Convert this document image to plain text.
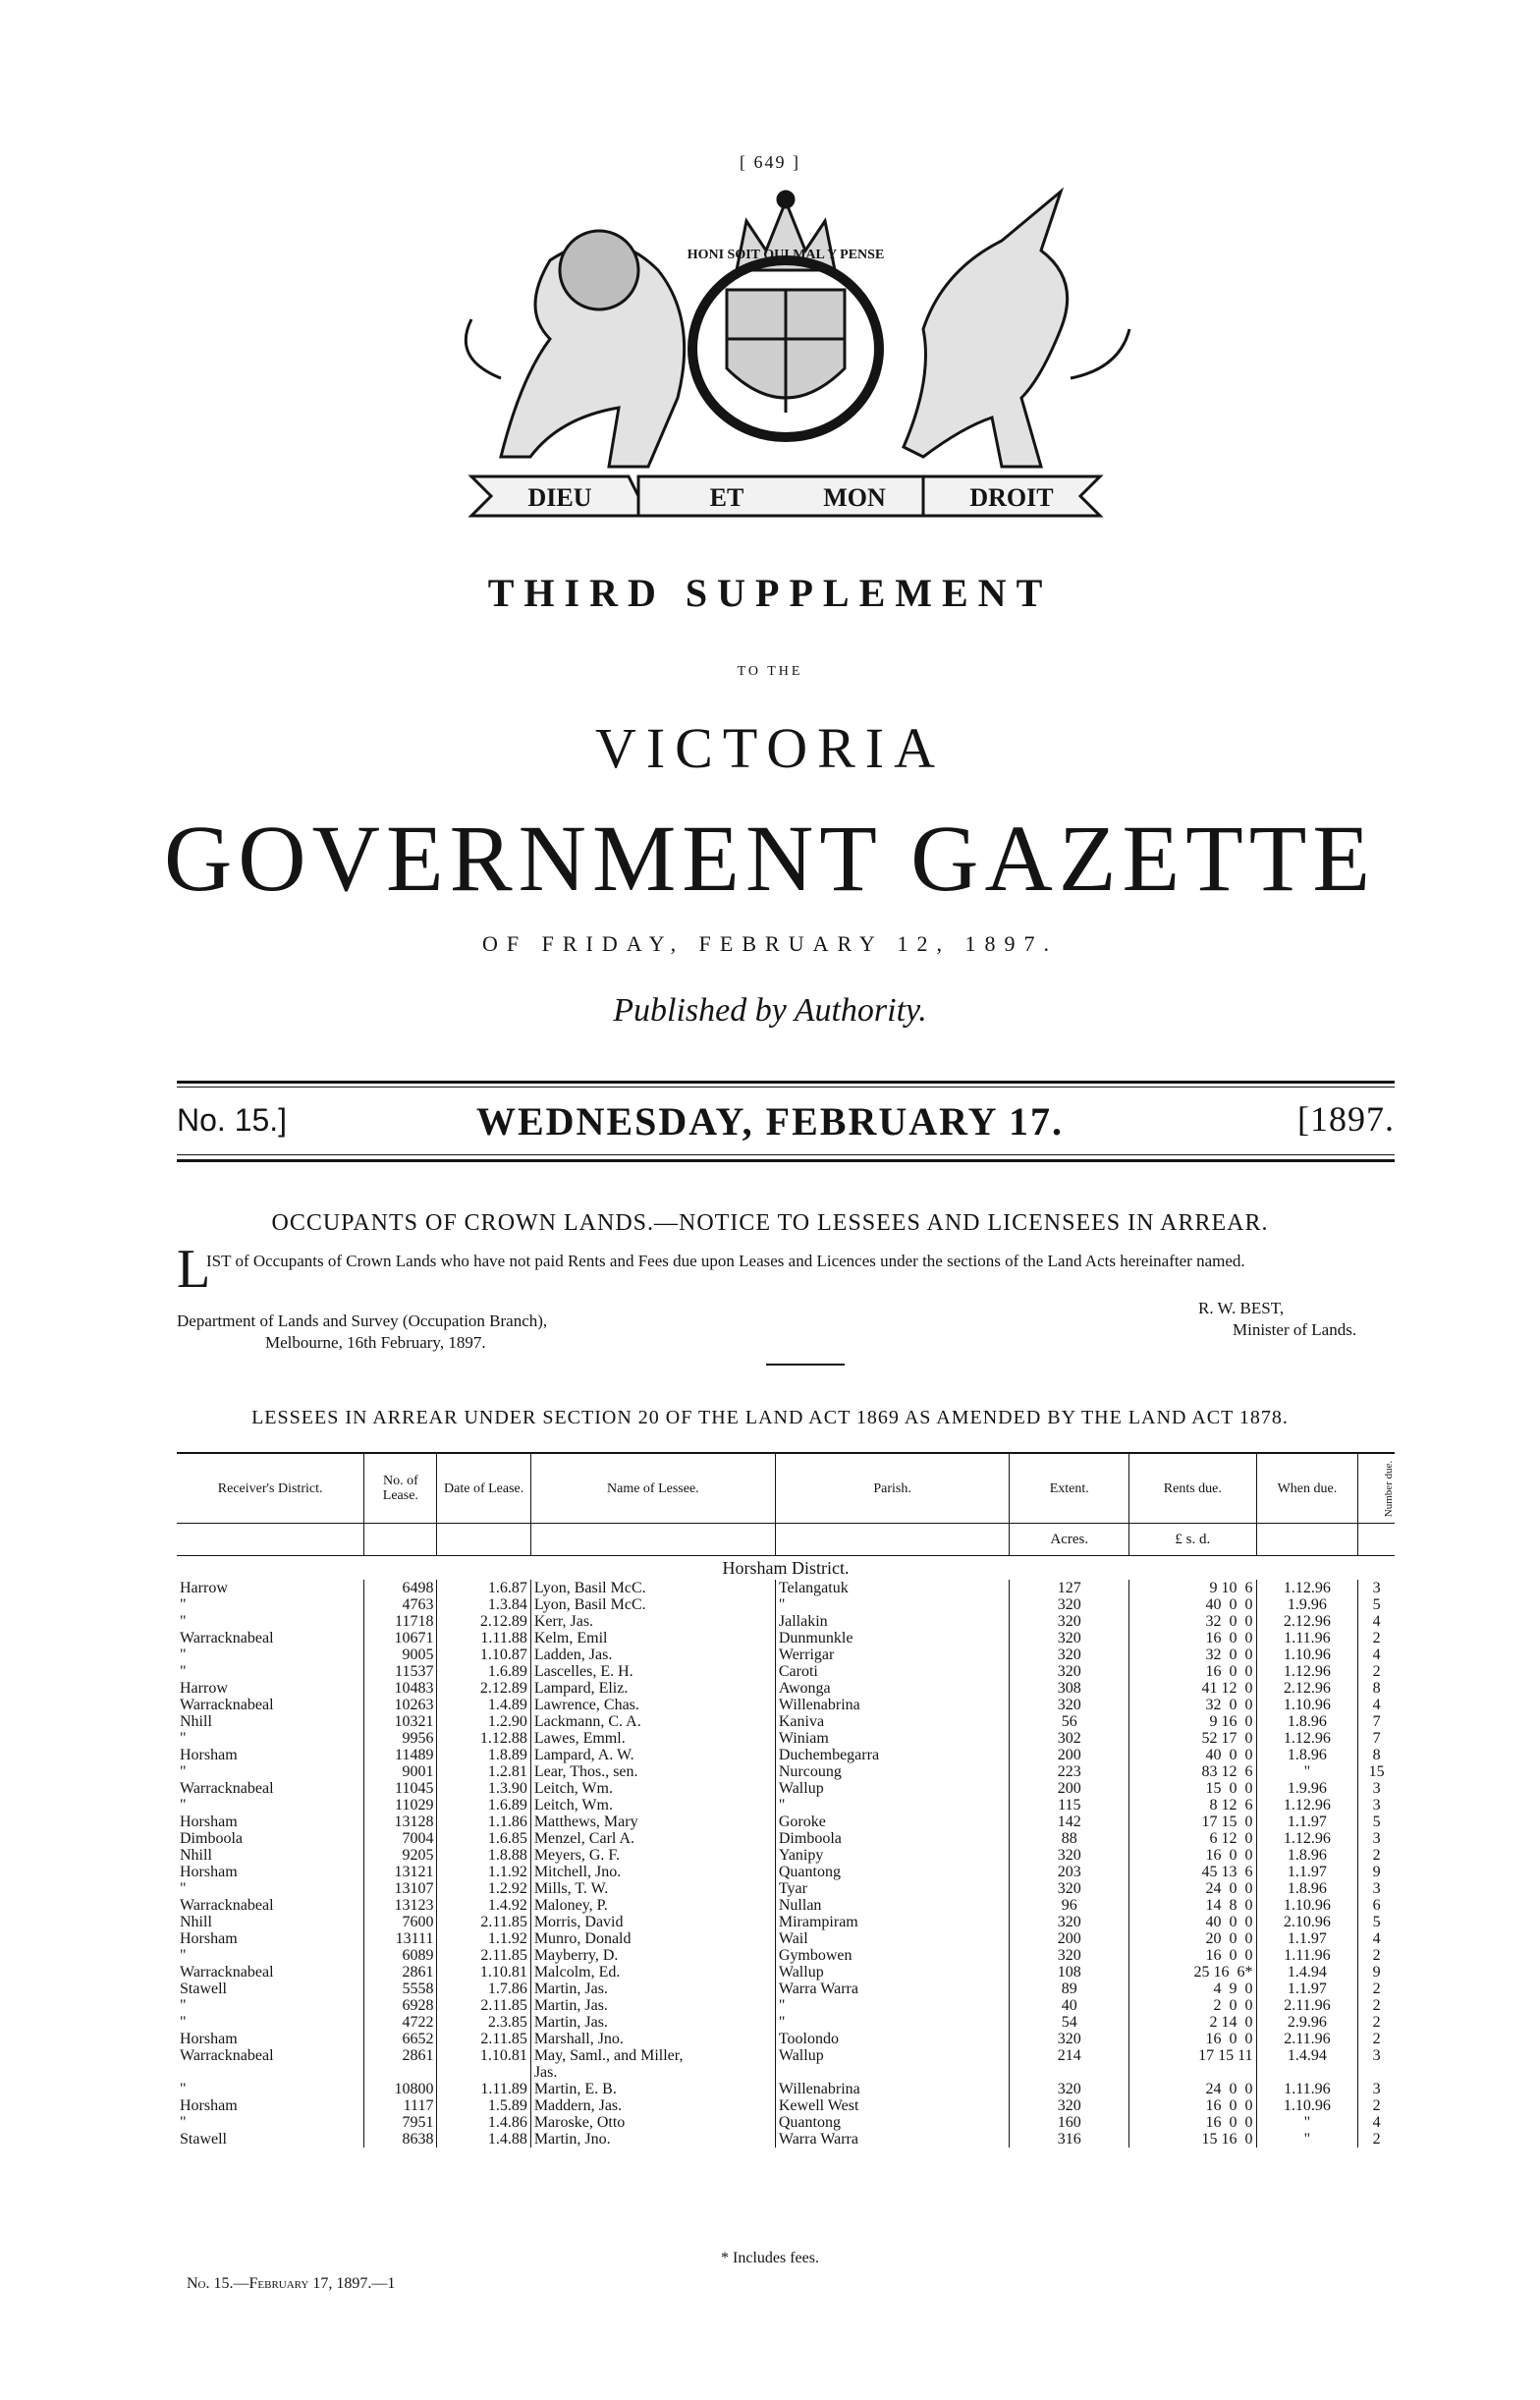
[ 649 ]
DIEU	ET	MON	DROIT
HONI SOIT QUI MAL Y PENSE
THIRD SUPPLEMENT
TO THE
VICTORIA
GOVERNMENT GAZETTE
OF FRIDAY, FEBRUARY 12, 1897.
Published by Authority.
No. 15.]	WEDNESDAY, FEBRUARY 17.	[1897.
OCCUPANTS OF CROWN LANDS.—NOTICE TO LESSEES AND LICENSEES IN ARREAR.
L
IST of Occupants of Crown Lands who have not paid Rents and Fees due upon Leases and Licences under the sections of the Land Acts hereinafter named.
Department of Lands and Survey (Occupation Branch),
Melbourne, 16th February, 1897.
R. W. BEST,
Minister of Lands.
LESSEES IN ARREAR UNDER SECTION 20 OF THE LAND ACT 1869 AS AMENDED BY THE LAND ACT 1878.
Receiver's District.	No. of Lease.	Date of Lease.	Name of Lessee.	Parish.	Extent.	Rents due.	When due.	Number due.
					Acres.	£ s. d.		
Horsham District.								
Harrow	6498	1.6.87	Lyon, Basil McC.	Telangatuk	127	9 10  6	1.12.96	3
"	4763	1.3.84	Lyon, Basil McC.	"	320	40  0  0	1.9.96	5
"	11718	2.12.89	Kerr, Jas.	Jallakin	320	32  0  0	2.12.96	4
Warracknabeal	10671	1.11.88	Kelm, Emil	Dunmunkle	320	16  0  0	1.11.96	2
"	9005	1.10.87	Ladden, Jas.	Werrigar	320	32  0  0	1.10.96	4
"	11537	1.6.89	Lascelles, E. H.	Caroti	320	16  0  0	1.12.96	2
Harrow	10483	2.12.89	Lampard, Eliz.	Awonga	308	41 12  0	2.12.96	8
Warracknabeal	10263	1.4.89	Lawrence, Chas.	Willenabrina	320	32  0  0	1.10.96	4
Nhill	10321	1.2.90	Lackmann, C. A.	Kaniva	56	9 16  0	1.8.96	7
"	9956	1.12.88	Lawes, Emml.	Winiam	302	52 17  0	1.12.96	7
Horsham	11489	1.8.89	Lampard, A. W.	Duchembegarra	200	40  0  0	1.8.96	8
"	9001	1.2.81	Lear, Thos., sen.	Nurcoung	223	83 12  6	"	15
Warracknabeal	11045	1.3.90	Leitch, Wm.	Wallup	200	15  0  0	1.9.96	3
"	11029	1.6.89	Leitch, Wm.	"	115	8 12  6	1.12.96	3
Horsham	13128	1.1.86	Matthews, Mary	Goroke	142	17 15  0	1.1.97	5
Dimboola	7004	1.6.85	Menzel, Carl A.	Dimboola	88	6 12  0	1.12.96	3
Nhill	9205	1.8.88	Meyers, G. F.	Yanipy	320	16  0  0	1.8.96	2
Horsham	13121	1.1.92	Mitchell, Jno.	Quantong	203	45 13  6	1.1.97	9
"	13107	1.2.92	Mills, T. W.	Tyar	320	24  0  0	1.8.96	3
Warracknabeal	13123	1.4.92	Maloney, P.	Nullan	96	14  8  0	1.10.96	6
Nhill	7600	2.11.85	Morris, David	Mirampiram	320	40  0  0	2.10.96	5
Horsham	13111	1.1.92	Munro, Donald	Wail	200	20  0  0	1.1.97	4
"	6089	2.11.85	Mayberry, D.	Gymbowen	320	16  0  0	1.11.96	2
Warracknabeal	2861	1.10.81	Malcolm, Ed.	Wallup	108	25 16  6*	1.4.94	9
Stawell	5558	1.7.86	Martin, Jas.	Warra Warra	89	4  9  0	1.1.97	2
"	6928	2.11.85	Martin, Jas.	"	40	2  0  0	2.11.96	2
"	4722	2.3.85	Martin, Jas.	"	54	2 14  0	2.9.96	2
Horsham	6652	2.11.85	Marshall, Jno.	Toolondo	320	16  0  0	2.11.96	2
Warracknabeal	2861	1.10.81	May, Saml., and Miller,	Wallup	214	17 15 11	1.4.94	3
			Jas.					
"	10800	1.11.89	Martin, E. B.	Willenabrina	320	24  0  0	1.11.96	3
Horsham	1117	1.5.89	Maddern, Jas.	Kewell West	320	16  0  0	1.10.96	2
"	7951	1.4.86	Maroske, Otto	Quantong	160	16  0  0	"	4
Stawell	8638	1.4.88	Martin, Jno.	Warra Warra	316	15 16  0	"	2
* Includes fees.
No. 15.—February 17, 1897.—1
